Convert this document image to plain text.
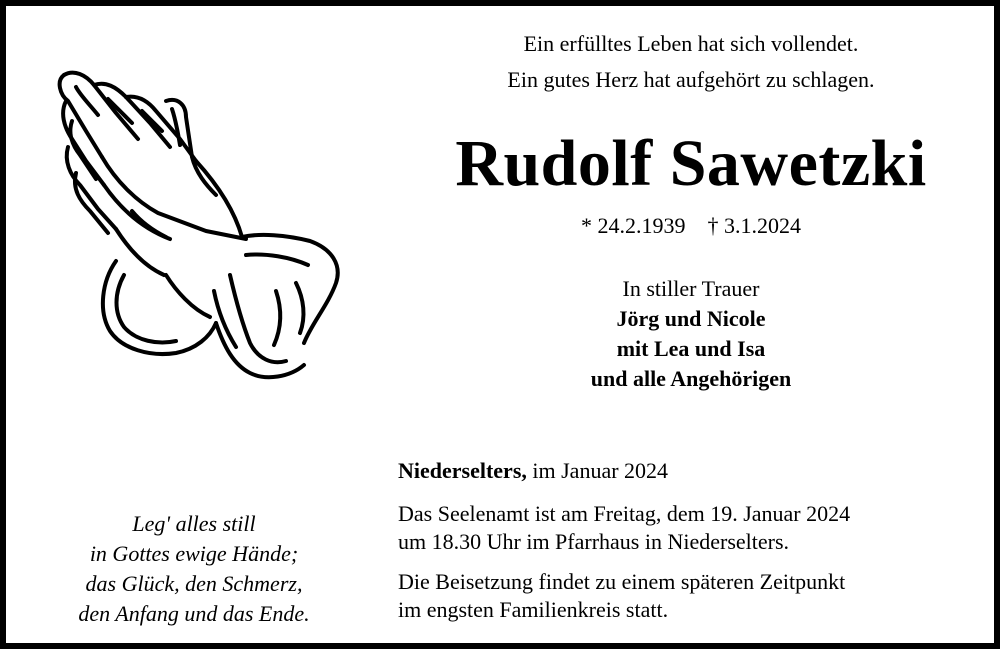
Ein erfülltes Leben hat sich vollendet.
Ein gutes Herz hat aufgehört zu schlagen.
Rudolf Sawetzki
* 24.2.1939 † 3.1.2024
In stiller Trauer
Jörg und Nicole
mit Lea und Isa
und alle Angehörigen
Niederselters, im Januar 2024
Das Seelenamt ist am Freitag, dem 19. Januar 2024
um 18.30 Uhr im Pfarrhaus in Niederselters.
Die Beisetzung findet zu einem späteren Zeitpunkt
im engsten Familienkreis statt.
Leg' alles still
in Gottes ewige Hände;
das Glück, den Schmerz,
den Anfang und das Ende.
